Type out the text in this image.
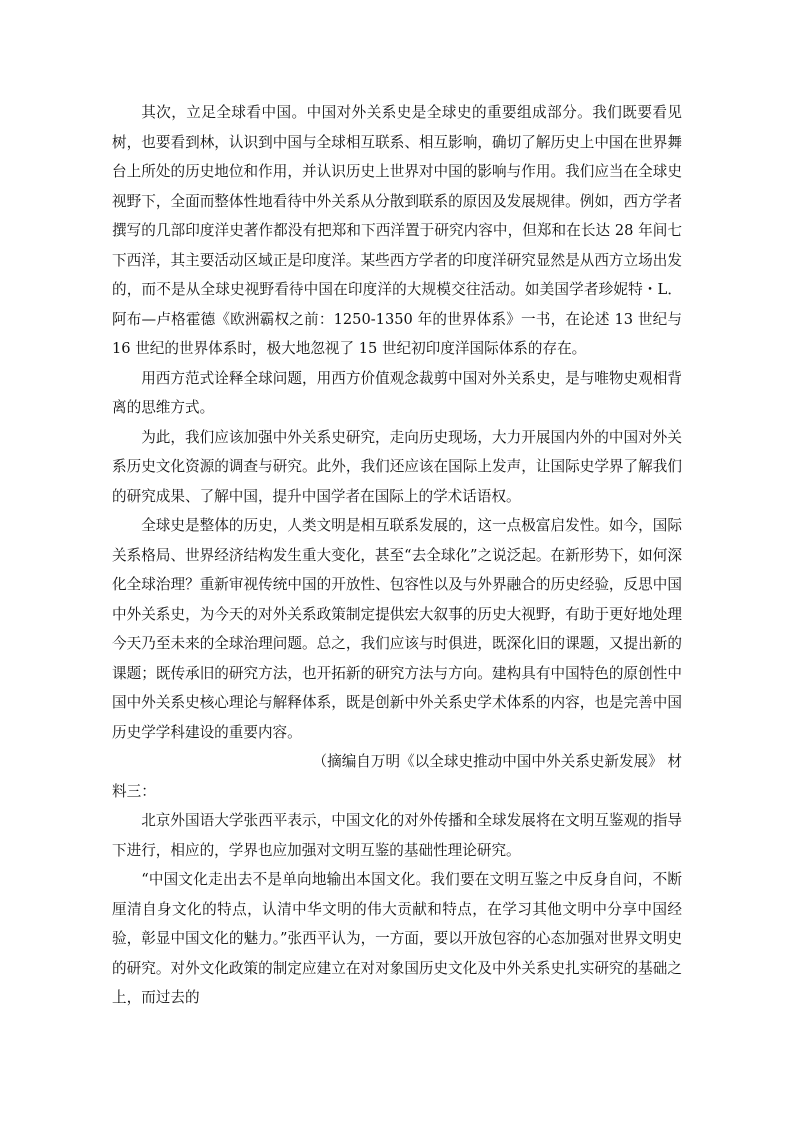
其次，立足全球看中国。中国对外关系史是全球史的重要组成部分。我们既要看见树，也要看到林，认识到中国与全球相互联系、相互影响，确切了解历史上中国在世界舞台上所处的历史地位和作用，并认识历史上世界对中国的影响与作用。我们应当在全球史视野下，全面而整体性地看待中外关系从分散到联系的原因及发展规律。例如，西方学者撰写的几部印度洋史著作都没有把郑和下西洋置于研究内容中，但郑和在长达 28 年间七下西洋，其主要活动区域正是印度洋。某些西方学者的印度洋研究显然是从西方立场出发的，而不是从全球史视野看待中国在印度洋的大规模交往活动。如美国学者珍妮特・L．阿布—卢格霍德《欧洲霸权之前：1250-1350 年的世界体系》一书，在论述 13 世纪与 16 世纪的世界体系时，极大地忽视了 15 世纪初印度洋国际体系的存在。

用西方范式诠释全球问题，用西方价值观念裁剪中国对外关系史，是与唯物史观相背离的思维方式。

为此，我们应该加强中外关系史研究，走向历史现场，大力开展国内外的中国对外关系历史文化资源的调查与研究。此外，我们还应该在国际上发声，让国际史学界了解我们的研究成果、了解中国，提升中国学者在国际上的学术话语权。

全球史是整体的历史，人类文明是相互联系发展的，这一点极富启发性。如今，国际关系格局、世界经济结构发生重大变化，甚至“去全球化”之说泛起。在新形势下，如何深化全球治理？重新审视传统中国的开放性、包容性以及与外界融合的历史经验，反思中国中外关系史，为今天的对外关系政策制定提供宏大叙事的历史大视野，有助于更好地处理今天乃至未来的全球治理问题。总之，我们应该与时俱进，既深化旧的课题，又提出新的课题；既传承旧的研究方法，也开拓新的研究方法与方向。建构具有中国特色的原创性中国中外关系史核心理论与解释体系，既是创新中外关系史学术体系的内容，也是完善中国历史学学科建设的重要内容。

（摘编自万明《以全球史推动中国中外关系史新发展》 材

料三：

北京外国语大学张西平表示，中国文化的对外传播和全球发展将在文明互鉴观的指导下进行，相应的，学界也应加强对文明互鉴的基础性理论研究。

“中国文化走出去不是单向地输出本国文化。我们要在文明互鉴之中反身自问，不断厘清自身文化的特点，认清中华文明的伟大贡献和特点，在学习其他文明中分享中国经验，彰显中国文化的魅力。”张西平认为，一方面，要以开放包容的心态加强对世界文明史的研究。对外文化政策的制定应建立在对对象国历史文化及中外关系史扎实研究的基础之上，而过去的
